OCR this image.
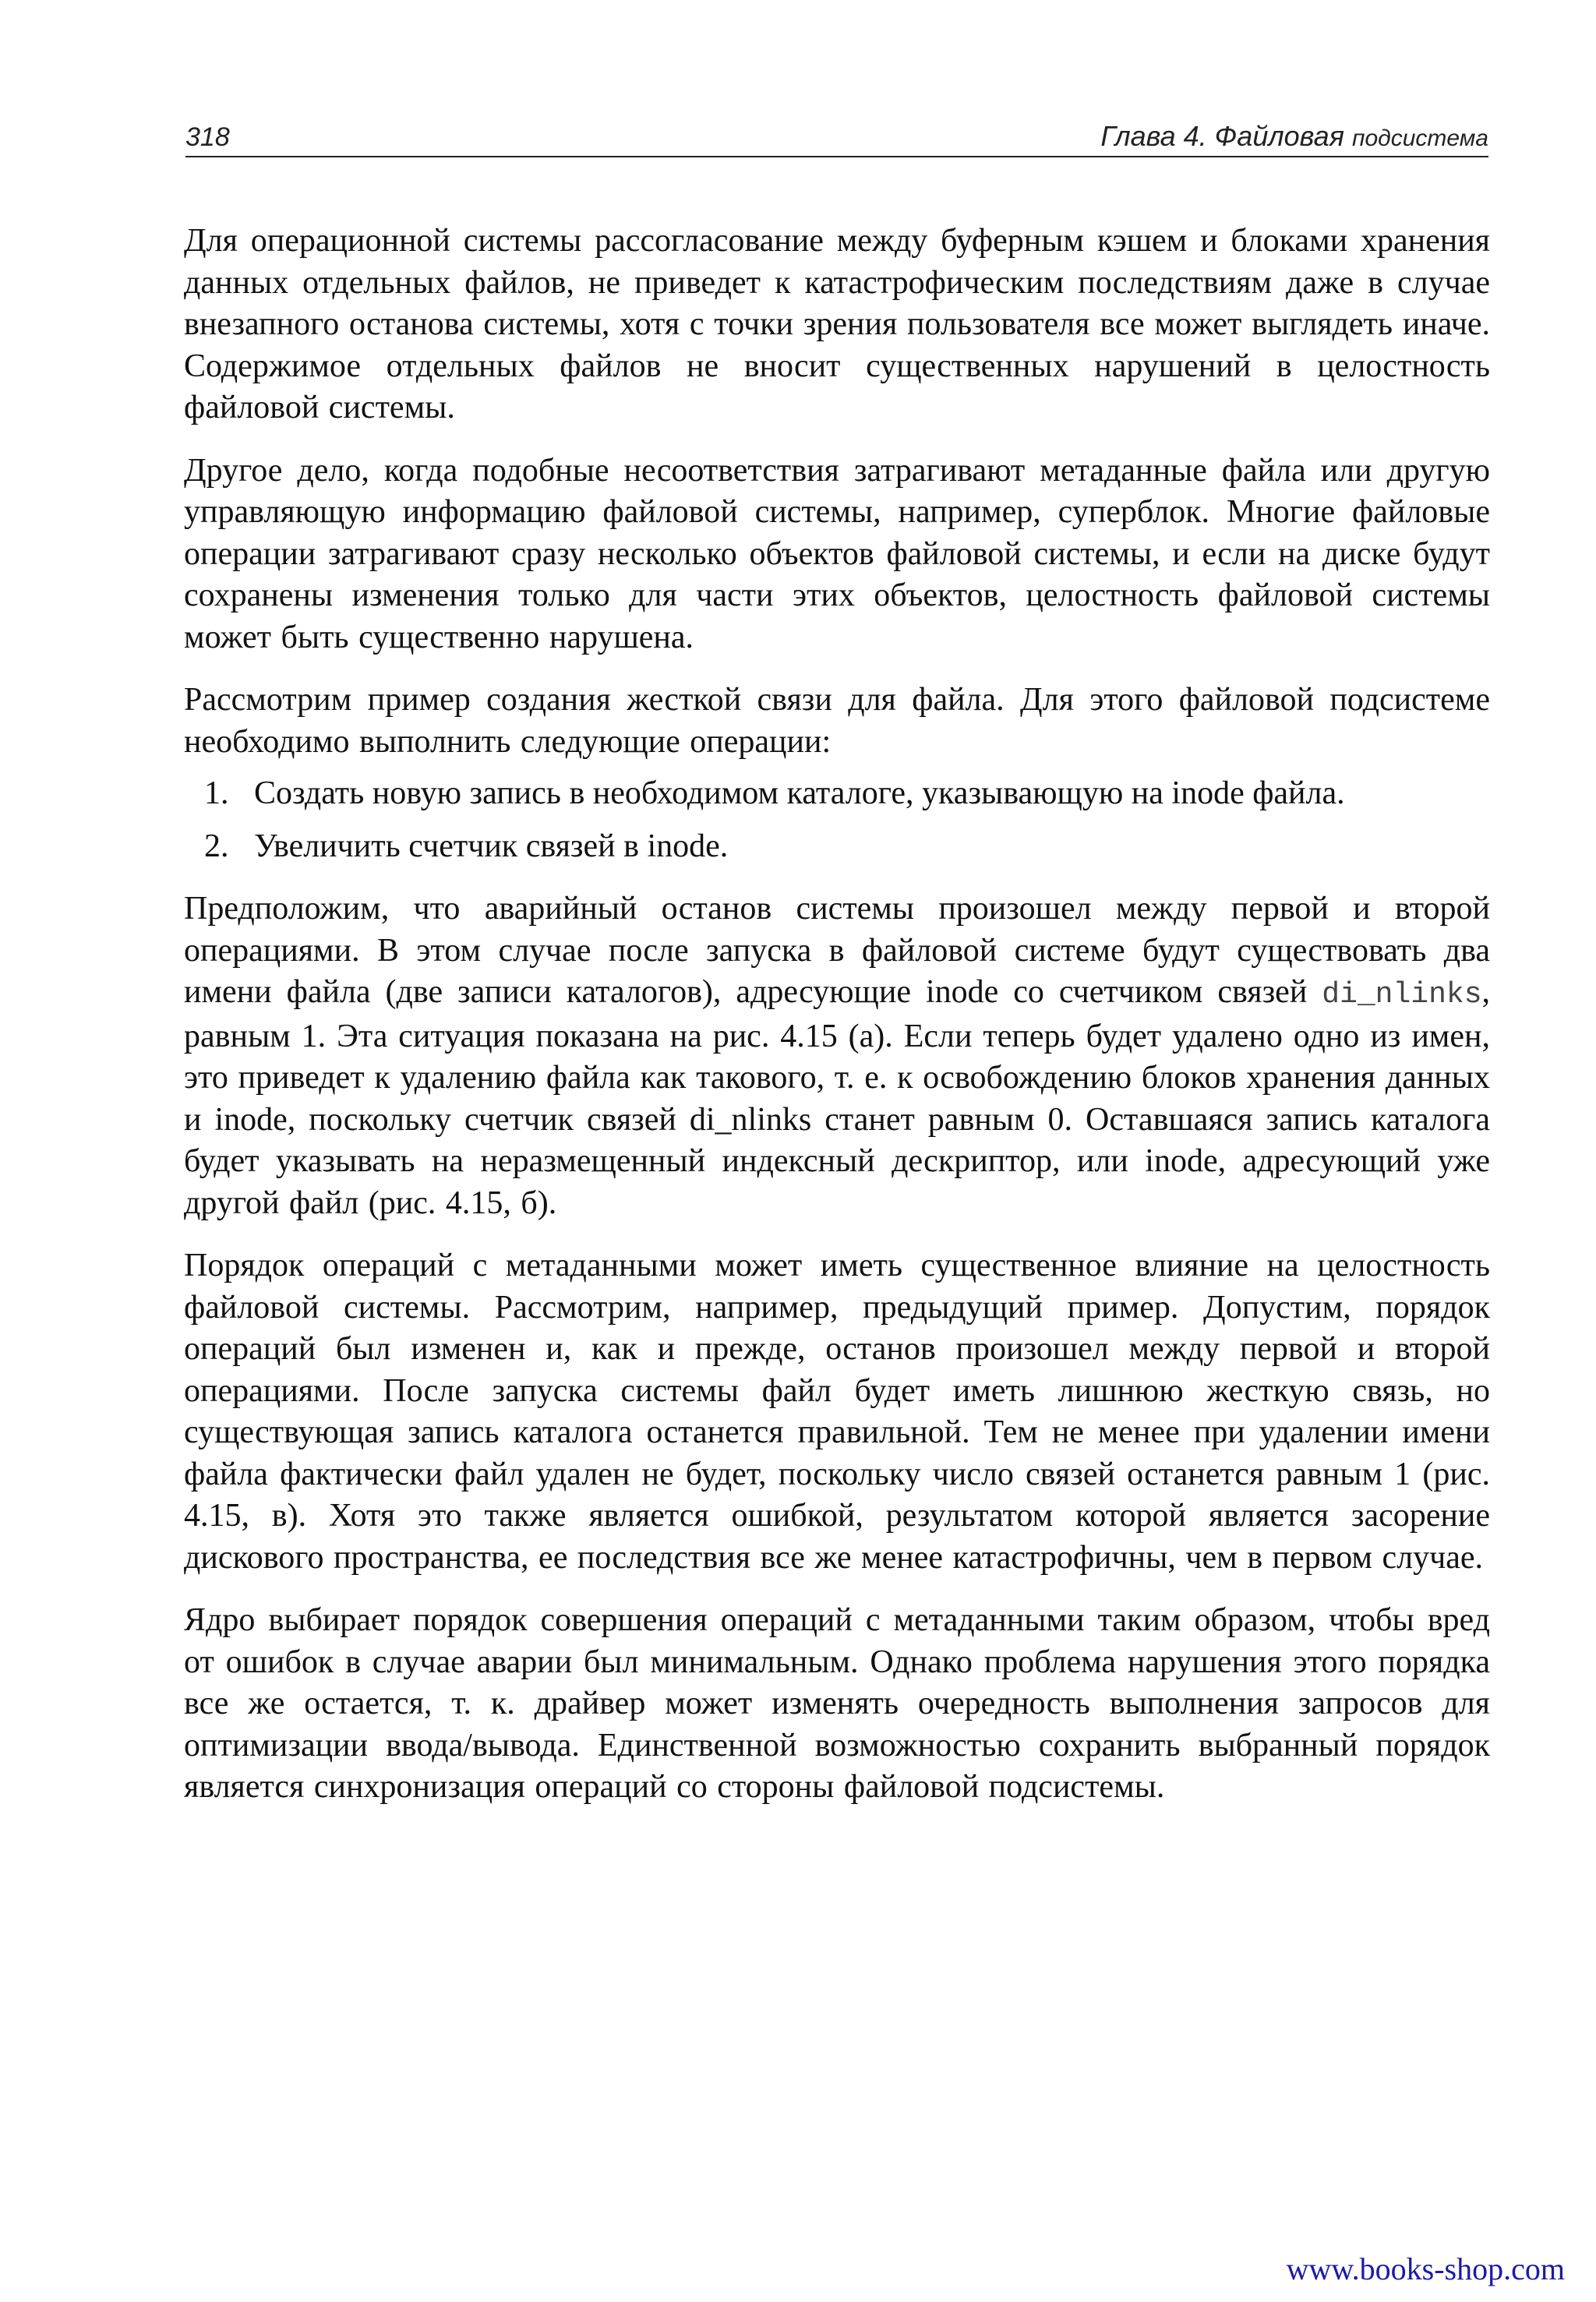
318	Глава 4. Файловая подсистема

Для операционной системы рассогласование между буферным кэшем и блоками хранения данных отдельных файлов, не приведет к катастрофическим последствиям даже в случае внезапного останова системы, хотя с точки зрения пользователя все может выглядеть иначе. Содержимое отдельных файлов не вносит существенных нарушений в целостность файловой системы.

Другое дело, когда подобные несоответствия затрагивают метаданные файла или другую управляющую информацию файловой системы, например, суперблок. Многие файловые операции затрагивают сразу несколько объектов файловой системы, и если на диске будут сохранены изменения только для части этих объектов, целостность файловой системы может быть существенно нарушена.

Рассмотрим пример создания жесткой связи для файла. Для этого файловой подсистеме необходимо выполнить следующие операции:

1. Создать новую запись в необходимом каталоге, указывающую на inode файла.
2. Увеличить счетчик связей в inode.

Предположим, что аварийный останов системы произошел между первой и второй операциями. В этом случае после запуска в файловой системе будут существовать два имени файла (две записи каталогов), адресующие inode со счетчиком связей di_nlinks, равным 1. Эта ситуация показана на рис. 4.15 (а). Если теперь будет удалено одно из имен, это приведет к удалению файла как такового, т. е. к освобождению блоков хранения данных и inode, поскольку счетчик связей di_nlinks станет равным 0. Оставшаяся запись каталога будет указывать на неразмещенный индексный дескриптор, или inode, адресующий уже другой файл (рис. 4.15, б).

Порядок операций с метаданными может иметь существенное влияние на целостность файловой системы. Рассмотрим, например, предыдущий пример. Допустим, порядок операций был изменен и, как и прежде, останов произошел между первой и второй операциями. После запуска системы файл будет иметь лишнюю жесткую связь, но существующая запись каталога останется правильной. Тем не менее при удалении имени файла фактически файл удален не будет, поскольку число связей останется равным 1 (рис. 4.15, в). Хотя это также является ошибкой, результатом которой является засорение дискового пространства, ее последствия все же менее катастрофичны, чем в первом случае.

Ядро выбирает порядок совершения операций с метаданными таким образом, чтобы вред от ошибок в случае аварии был минимальным. Однако проблема нарушения этого порядка все же остается, т. к. драйвер может изменять очередность выполнения запросов для оптимизации ввода/вывода. Единственной возможностью сохранить выбранный порядок является синхронизация операций со стороны файловой подсистемы.

www.books-shop.com
